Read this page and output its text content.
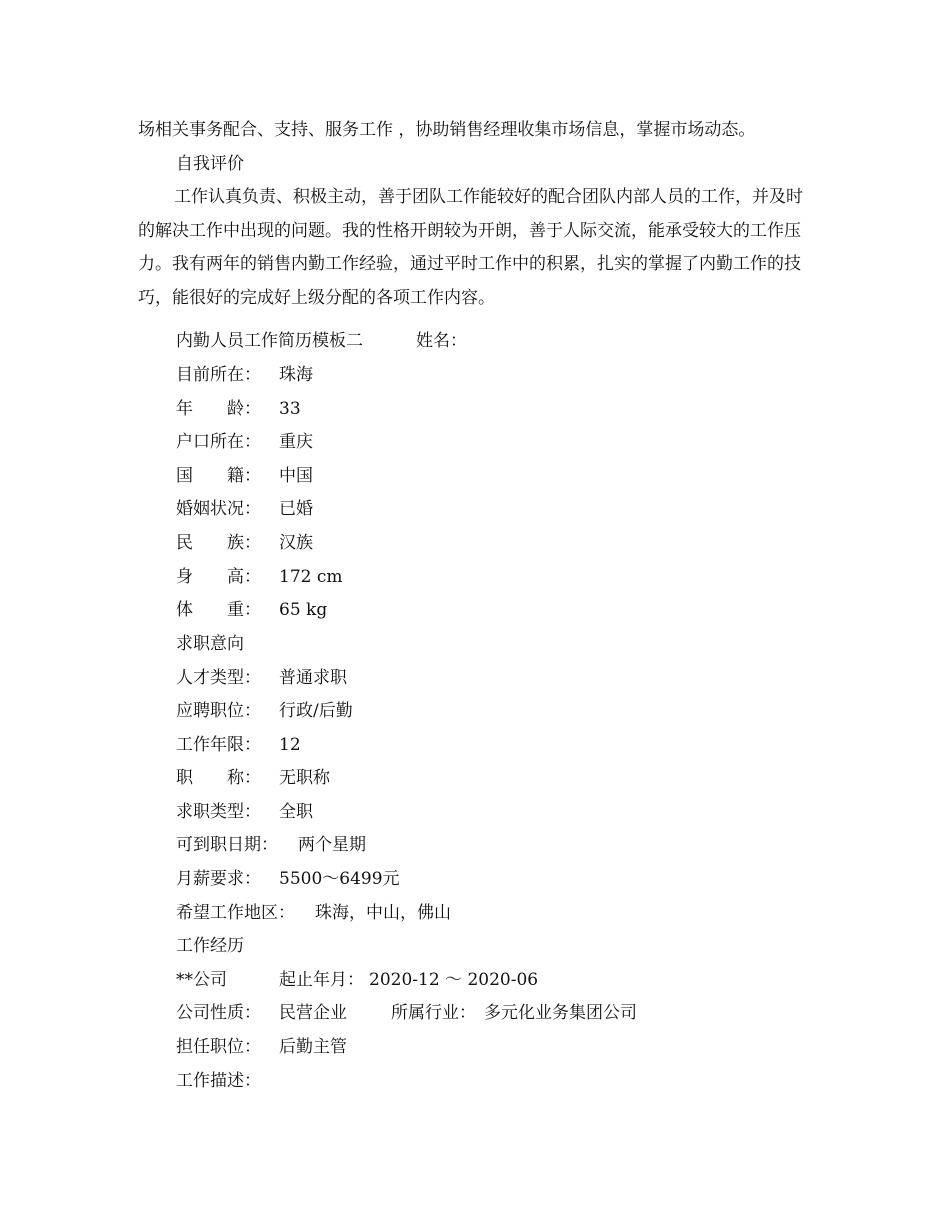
场相关事务配合、支持、服务工作 ，协助销售经理收集市场信息，掌握市场动态。
自我评价
工作认真负责、积极主动，善于团队工作能较好的配合团队内部人员的工作，并及时的解决工作中出现的问题。我的性格开朗较为开朗，善于人际交流，能承受较大的工作压力。我有两年的销售内勤工作经验，通过平时工作中的积累，扎实的掌握了内勤工作的技巧，能很好的完成好上级分配的各项工作内容。
内勤人员工作简历模板二	姓名：
目前所在： 珠海
年　　龄： 33
户口所在： 重庆
国　　籍： 中国
婚姻状况： 已婚
民　　族： 汉族
身　　高： 172 cm
体　　重： 65 kg
求职意向
人才类型： 普通求职
应聘职位： 行政/后勤
工作年限： 12
职　　称： 无职称
求职类型： 全职
可到职日期： 两个星期
月薪要求： 5500～6499元
希望工作地区： 珠海，中山，佛山
工作经历
**公司	起止年月： 2020-12 ～ 2020-06
公司性质： 民营企业	所属行业： 多元化业务集团公司
担任职位： 后勤主管
工作描述：
